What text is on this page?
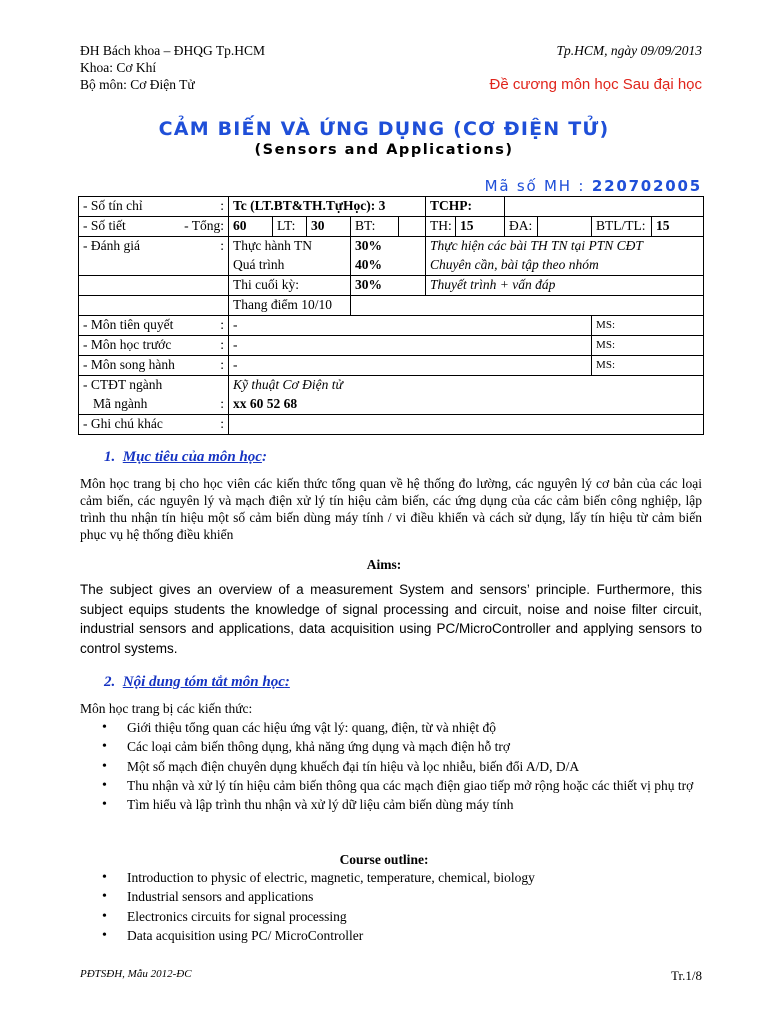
ĐH Bách khoa – ĐHQG Tp.HCM	Tp.HCM, ngày 09/09/2013
Khoa: Cơ Khí
Bộ môn: Cơ Điện Tử	Đề cương môn học Sau đại học
CẢM BIẾN VÀ ỨNG DỤNG (CƠ ĐIỆN TỬ)
(Sensors and Applications)
Mã số MH : 220702005
- Số tín chỉ :	Tc (LT.BT&TH.TựHọc): 3					TCHP:					

- Số tiết - Tổng:	60	LT:	30	BT:		TH:	15	ĐA:		BTL/TL:	15

- Đánh giá :	Thực hành TN			30%		Thực hiện các bài TH TN tại PTN CĐT					
	Quá trình			40%		Chuyên cần, bài tập theo nhóm					
	Thi cuối kỳ:			30%		Thuyết trình + vấn đáp					
	Thang điểm 10/10										

- Môn tiên quyết :	-									MS:	

- Môn học trước :	-									MS:	

- Môn song hành :	-									MS:	
- CTĐT ngành	Kỹ thuật Cơ Điện tử										

Mã ngành :	xx 60 52 68										

- Ghi chú khác :											

1. Mục tiêu của môn học:
Môn học trang bị cho học viên các kiến thức tổng quan về hệ thống đo lường, các nguyên lý cơ bản của các loại cảm biến, các nguyên lý và mạch điện xử lý tín hiệu cảm biến, các ứng dụng của các cảm biến công nghiệp, lập trình thu nhận tín hiệu một số cảm biến dùng máy tính / vi điều khiển và cách sử dụng, lấy tín hiệu từ cảm biến phục vụ hệ thống điều khiển
Aims:
The subject gives an overview of a measurement System and sensors’ principle. Furthermore, this subject equips students the knowledge of signal processing and circuit, noise and noise filter circuit, industrial sensors and applications, data acquisition using PC/MicroController and applying sensors to control systems.
2. Nội dung tóm tắt môn học:
Môn học trang bị các kiến thức:
• Giới thiệu tổng quan các hiệu ứng vật lý: quang, điện, từ và nhiệt độ
• Các loại cảm biến thông dụng, khả năng ứng dụng và mạch điện hỗ trợ
• Một số mạch điện chuyên dụng khuếch đại tín hiệu và lọc nhiễu, biến đổi A/D, D/A
• Thu nhận và xử lý tín hiệu cảm biến thông qua các mạch điện giao tiếp mở rộng hoặc các thiết vị phụ trợ
• Tìm hiểu và lập trình thu nhận và xử lý dữ liệu cảm biến dùng máy tính
Course outline:
• Introduction to physic of electric, magnetic, temperature, chemical, biology
• Industrial sensors and applications
• Electronics circuits for signal processing
• Data acquisition using PC/ MicroController
PĐTSĐH, Mẫu 2012-ĐC	Tr.1/8
